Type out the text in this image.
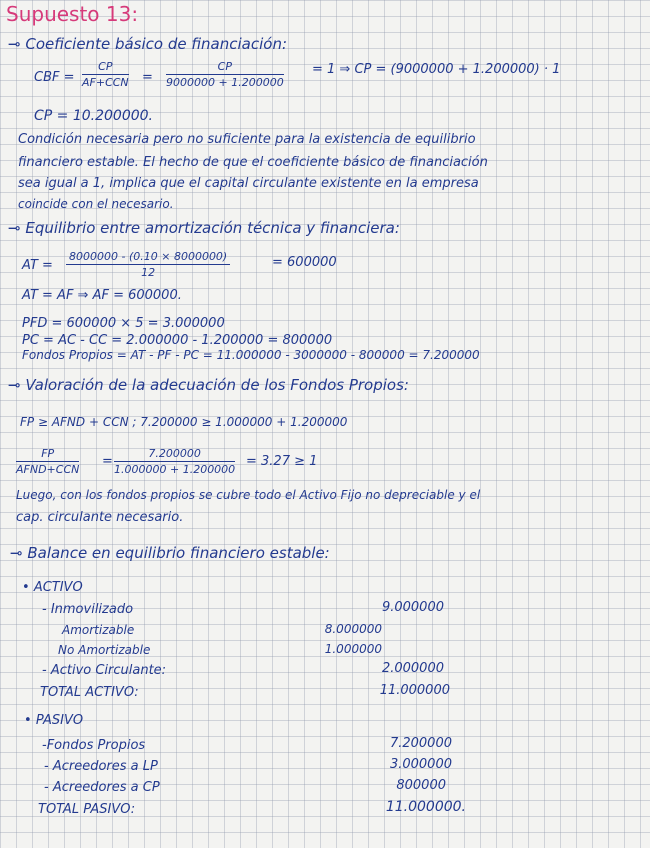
Supuesto 13:
⊸ Coeficiente básico de financiación:
CBF =
CP
$AF+CCN = \frac{CP}{9000000 + 1.200000} = 1$ ⇒ CP = (9000000 + 1.200000) · 1
CP = 10.200000.
Condición necesaria pero no suficiente para la existencia de equilibrio
financiero estable. El hecho de que el coeficiente básico de financiación
sea igual a 1, implica que el capital circulante existente en la empresa
coincide con el necesario.
⊸ Equilibrio entre amortización técnica y financiera:
AT = $\frac{8000000 - (0.10 \times 8000000)}{12}$	= 600000
AT = AF ⇒ AF = 600000.
PFD = 600000 × 5 = 3.000000
PC = AC - CC = 2.000000 - 1.200000 = 800000
Fondos Propios = AT - PF - PC = 11.000000 - 3000000 - 800000 = 7.200000
⊸ Valoración de la adecuación de los Fondos Propios:
FP ≥ AFND + CCN ; 7.200000 ≥ 1.000000 + 1.200000
FP
AFND+CCN
= $\frac{7.200000}{1.000000 + 1.200000} = 3.27 \ge 1$
Luego, con los fondos propios se cubre todo el Activo Fijo no depreciable y el
cap. circulante necesario.
⊸ Balance en equilibrio financiero estable:
• ACTIVO
- Inmovilizado	9.000000
Amortizable	8.000000
No Amortizable	1.000000
- Activo Circulante:	2.000000
TOTAL ACTIVO:	11.000000
• PASIVO
-Fondos Propios	7.200000
- Acreedores a LP	3.000000
- Acreedores a CP	800000
TOTAL PASIVO:	11.000000.
